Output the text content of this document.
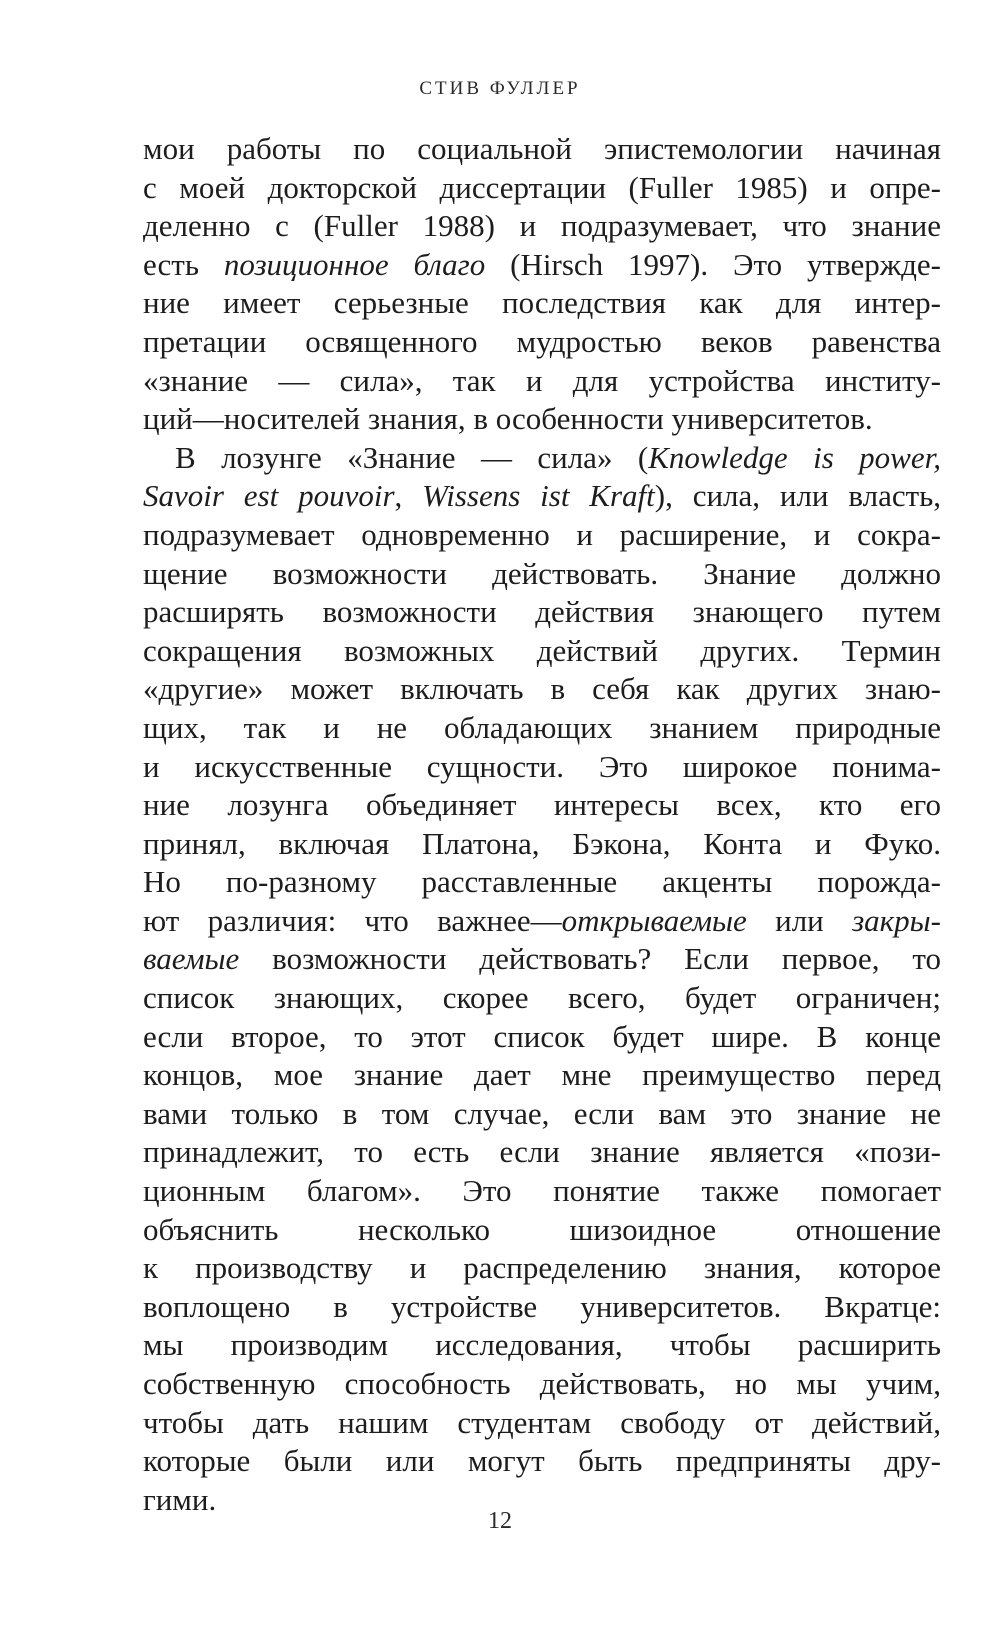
СТИВ ФУЛЛЕР
мои работы по социальной эпистемологии начиная
с моей докторской диссертации (Fuller 1985) и опре-
деленно с (Fuller 1988) и подразумевает, что знание
есть позиционное благо (Hirsch 1997). Это утвержде-
ние имеет серьезные последствия как для интер-
претации освященного мудростью веков равенства
«знание — сила», так и для устройства институ-
ций—носителей знания, в особенности университетов.
В лозунге «Знание — сила» (Knowledge is power,
Savoir est pouvoir, Wissens ist Kraft), сила, или власть,
подразумевает одновременно и расширение, и сокра-
щение возможности действовать. Знание должно
расширять возможности действия знающего путем
сокращения возможных действий других. Термин
«другие» может включать в себя как других знаю-
щих, так и не обладающих знанием природные
и искусственные сущности. Это широкое понима-
ние лозунга объединяет интересы всех, кто его
принял, включая Платона, Бэкона, Конта и Фуко.
Но по-разному расставленные акценты порожда-
ют различия: что важнее—открываемые или закры-
ваемые возможности действовать? Если первое, то
список знающих, скорее всего, будет ограничен;
если второе, то этот список будет шире. В конце
концов, мое знание дает мне преимущество перед
вами только в том случае, если вам это знание не
принадлежит, то есть если знание является «пози-
ционным благом». Это понятие также помогает
объяснить несколько шизоидное отношение
к производству и распределению знания, которое
воплощено в устройстве университетов. Вкратце:
мы производим исследования, чтобы расширить
собственную способность действовать, но мы учим,
чтобы дать нашим студентам свободу от действий,
которые были или могут быть предприняты дру-
гими.
12
